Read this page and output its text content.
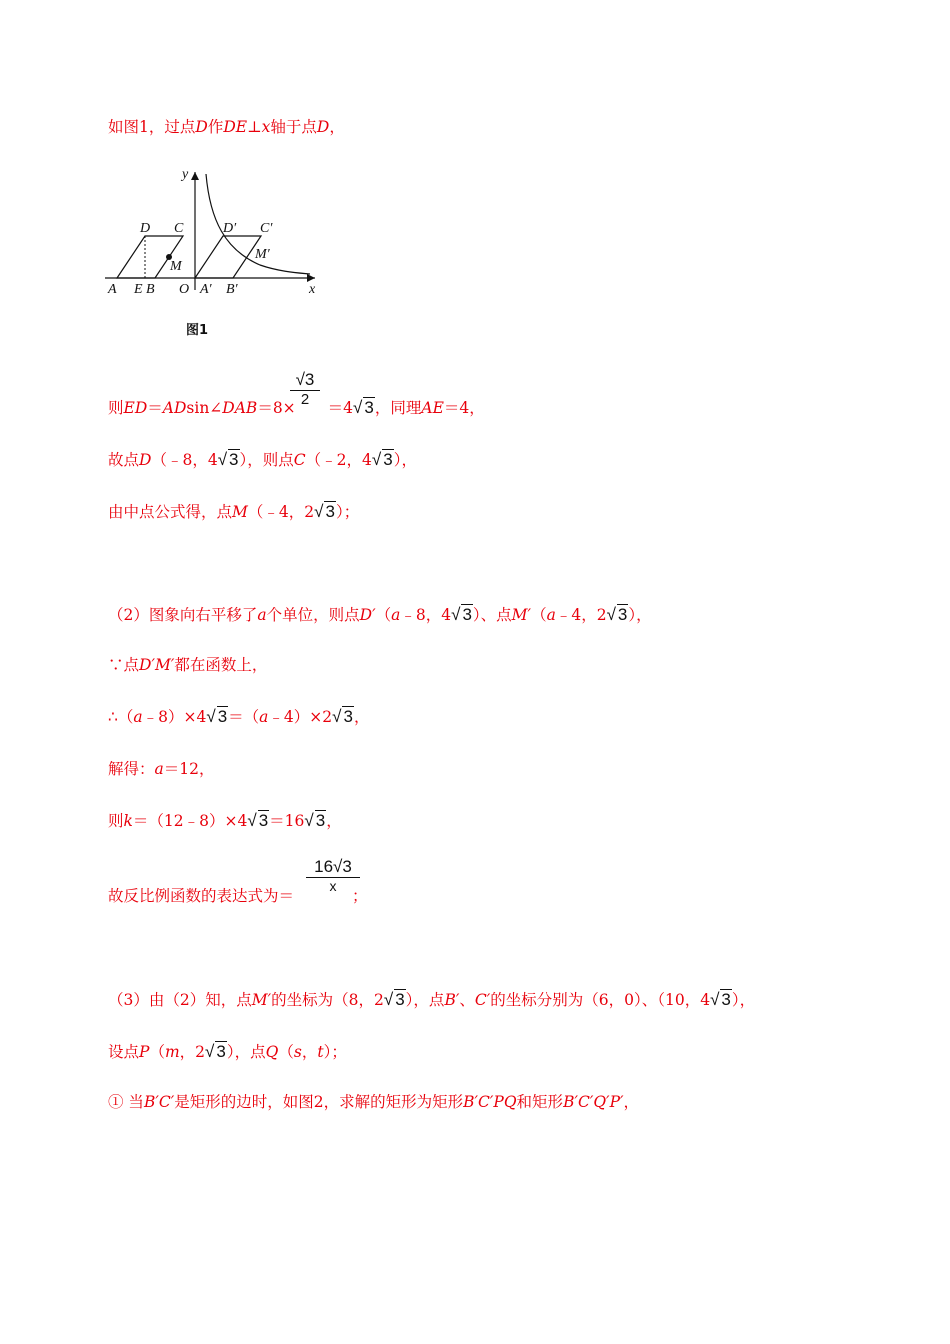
如图1，过点D作DE⊥x轴于点D，
y
x
D C	D′ C′
M′
M
A E B O A′ B′
图1
$\frac{√3}{2}$
则ED＝ADsin∠DAB＝8× ＝4√ 3，同理AE＝4，
故点D（﹣8，4√ 3），则点C（﹣2，4√ 3），
由中点公式得，点M（﹣4，2√ 3）；
（2）图象向右平移了a个单位，则点D′（a﹣8，4√ 3）、点M′（a﹣4，2√ 3），
∵点D′M′都在函数上，
∴（a﹣8）×4√ 3＝（a﹣4）×2√ 3，
解得：a＝12，
则k＝（12﹣8）×4√ 3＝16√ 3，
16√3
x
故反比例函数的表达式为＝	；
（3）由（2）知，点M′的坐标为（8，2√ 3），点B′、C′的坐标分别为（6，0）、（10，4√ 3），
设点P（m，2√ 3），点Q（s，t）；
① 当B′C′是矩形的边时，如图2，求解的矩形为矩形B′C′PQ和矩形B′C′Q′P′，
